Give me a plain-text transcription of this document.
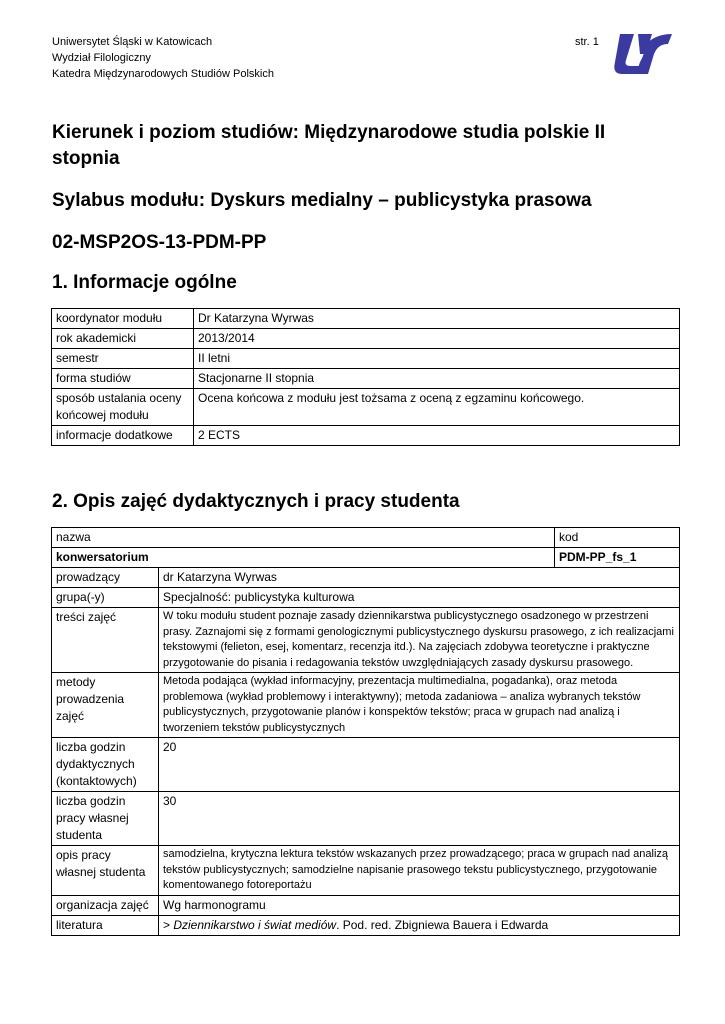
Uniwersytet Śląski w Katowicach
Wydział Filologiczny
Katedra Międzynarodowych Studiów Polskich
str. 1
Kierunek i poziom studiów: Międzynarodowe studia polskie II
stopnia
Sylabus modułu: Dyskurs medialny – publicystyka prasowa
02-MSP2OS-13-PDM-PP
1. Informacje ogólne
koordynator modułu	Dr Katarzyna Wyrwas
rok akademicki	2013/2014
semestr	II letni
forma studiów	Stacjonarne II stopnia
sposób ustalania oceny końcowej modułu	Ocena końcowa z modułu jest tożsama z oceną z egzaminu końcowego.
informacje dodatkowe	2 ECTS
2. Opis zajęć dydaktycznych i pracy studenta
nazwa		kod
konwersatorium		PDM-PP_fs_1
prowadzący	dr Katarzyna Wyrwas	
grupa(-y)	Specjalność: publicystyka kulturowa	
treści zajęć	W toku modułu student poznaje zasady dziennikarstwa publicystycznego osadzonego w przestrzeni prasy. Zaznajomi się z formami genologicznymi publicystycznego dyskursu prasowego, z ich realizacjami tekstowymi (felieton, esej, komentarz, recenzja itd.). Na zajęciach zdobywa teoretyczne i praktyczne przygotowanie do pisania i redagowania tekstów uwzględniających zasady dyskursu prasowego.	
metody prowadzenia zajęć	Metoda podająca (wykład informacyjny, prezentacja multimedialna, pogadanka), oraz metoda problemowa (wykład problemowy i interaktywny); metoda zadaniowa – analiza wybranych tekstów publicystycznych, przygotowanie planów i konspektów tekstów; praca w grupach nad analizą i tworzeniem tekstów publicystycznych	
liczba godzin dydaktycznych (kontaktowych)	20	
liczba godzin pracy własnej studenta	30	
opis pracy własnej studenta	samodzielna, krytyczna lektura tekstów wskazanych przez prowadzącego; praca w grupach nad analizą tekstów publicystycznych; samodzielne napisanie prasowego tekstu publicystycznego, przygotowanie komentowanego fotoreportażu	
organizacja zajęć	Wg harmonogramu	
literatura	> Dziennikarstwo i świat mediów. Pod. red. Zbigniewa Bauera i Edwarda	
